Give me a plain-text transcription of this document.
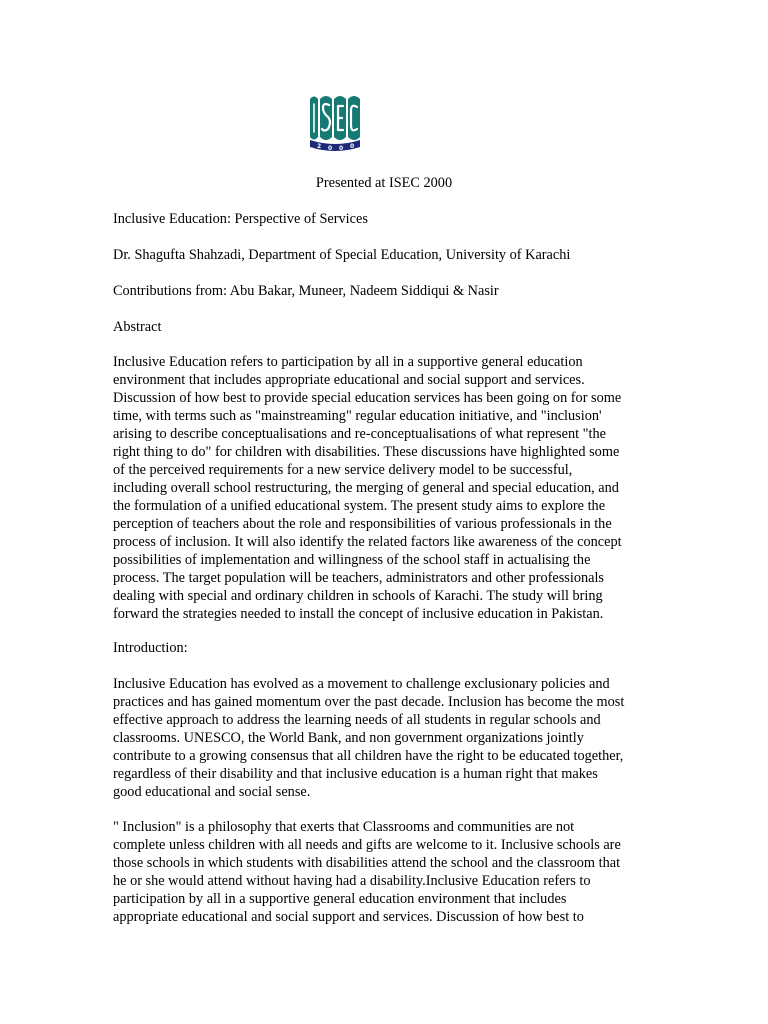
2 0 0 0

Presented at ISEC 2000

Inclusive Education: Perspective of Services

Dr. Shagufta Shahzadi, Department of Special Education, University of Karachi

Contributions from: Abu Bakar, Muneer, Nadeem Siddiqui & Nasir

Abstract

Inclusive Education refers to participation by all in a supportive general education
environment that includes appropriate educational and social support and services.
Discussion of how best to provide special education services has been going on for some
time, with terms such as "mainstreaming" regular education initiative, and "inclusion'
arising to describe conceptualisations and re-conceptualisations of what represent "the
right thing to do" for children with disabilities. These discussions have highlighted some
of the perceived requirements for a new service delivery model to be successful,
including overall school restructuring, the merging of general and special education, and
the formulation of a unified educational system. The present study aims to explore the
perception of teachers about the role and responsibilities of various professionals in the
process of inclusion. It will also identify the related factors like awareness of the concept
possibilities of implementation and willingness of the school staff in actualising the
process. The target population will be teachers, administrators and other professionals
dealing with special and ordinary children in schools of Karachi. The study will bring
forward the strategies needed to install the concept of inclusive education in Pakistan.

Introduction:

Inclusive Education has evolved as a movement to challenge exclusionary policies and
practices and has gained momentum over the past decade. Inclusion has become the most
effective approach to address the learning needs of all students in regular schools and
classrooms. UNESCO, the World Bank, and non government organizations jointly
contribute to a growing consensus that all children have the right to be educated together,
regardless of their disability and that inclusive education is a human right that makes
good educational and social sense.
" Inclusion" is a philosophy that exerts that Classrooms and communities are not
complete unless children with all needs and gifts are welcome to it. Inclusive schools are
those schools in which students with disabilities attend the school and the classroom that
he or she would attend without having had a disability.Inclusive Education refers to
participation by all in a supportive general education environment that includes
appropriate educational and social support and services. Discussion of how best to
